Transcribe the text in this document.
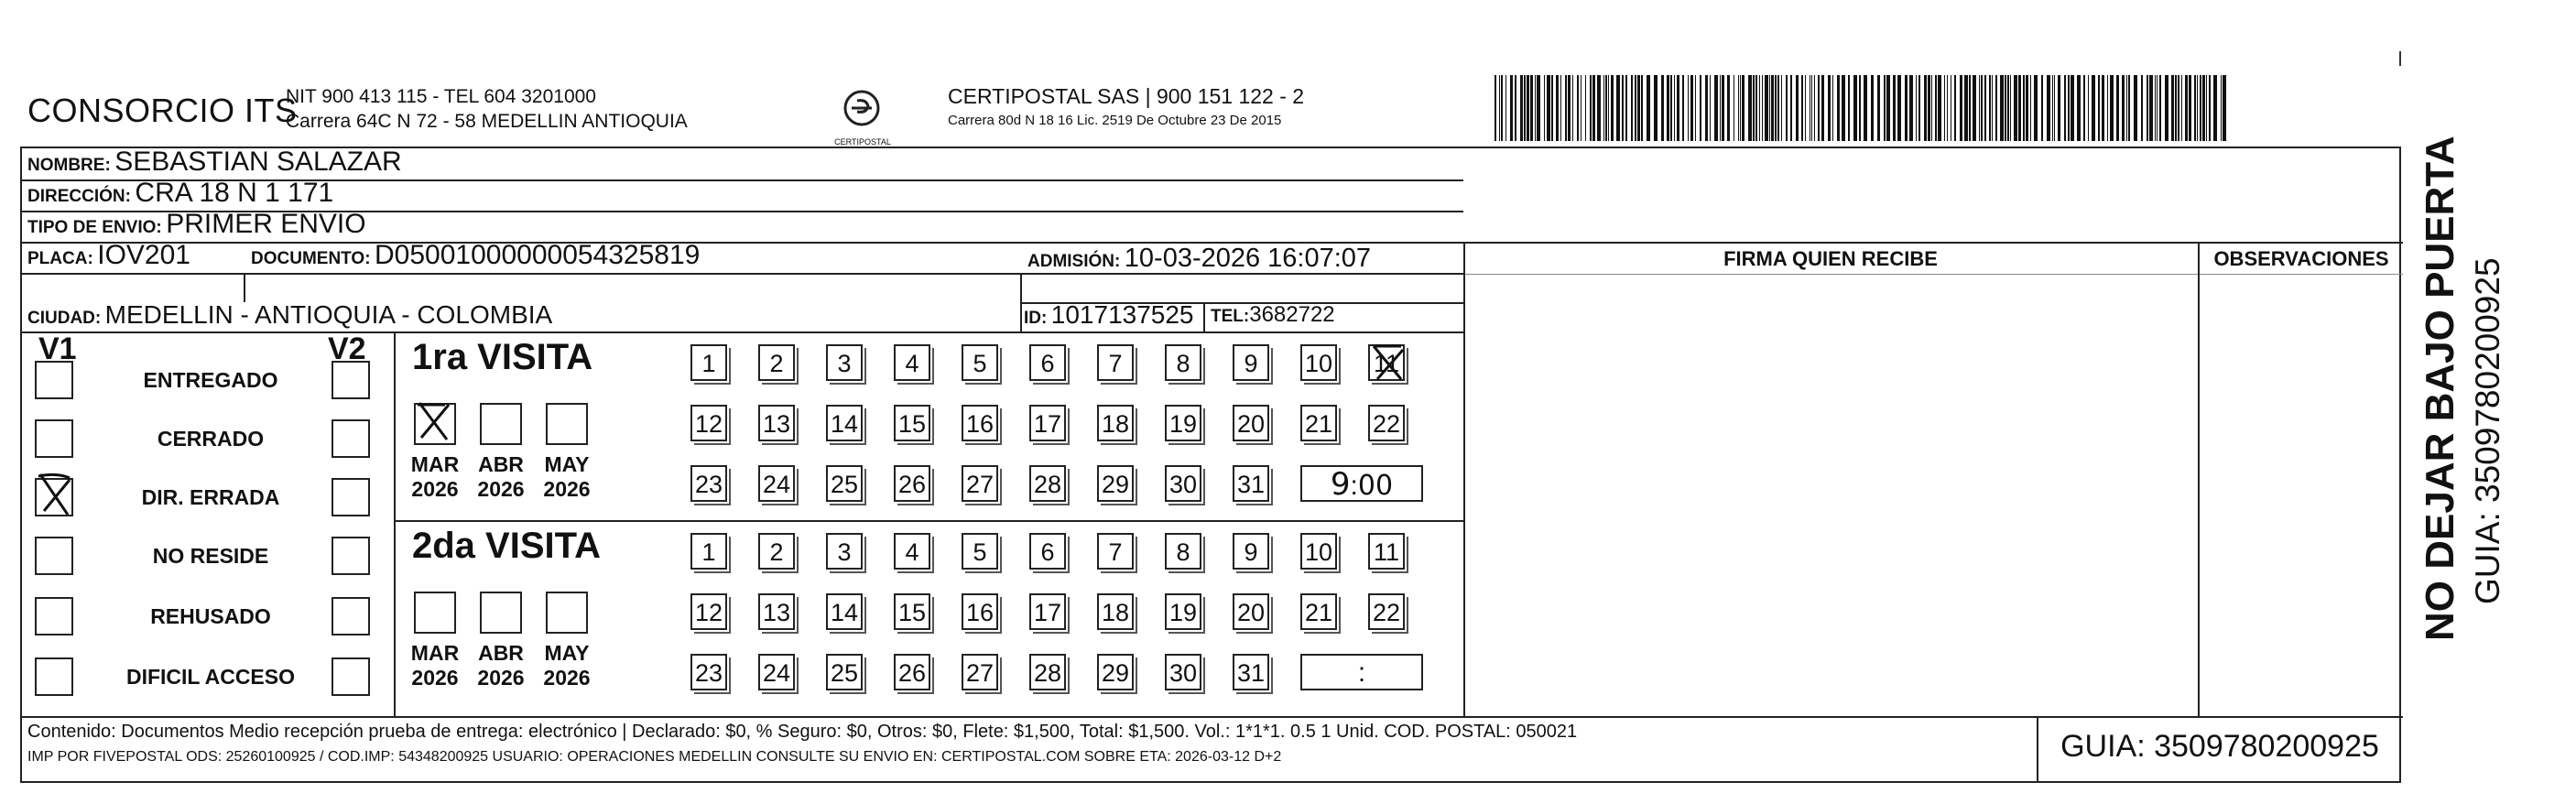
CONSORCIO ITS
NIT 900 413 115 - TEL 604 3201000
Carrera 64C N 72 - 58 MEDELLIN ANTIOQUIA
CERTIPOSTAL
CERTIPOSTAL SAS | 900 151 122 - 2
Carrera 80d N 18 16 Lic. 2519 De Octubre 23 De 2015
NOMBRE: SEBASTIAN SALAZAR
DIRECCIÓN: CRA 18 N 1 171
TIPO DE ENVIO: PRIMER ENVIO
PLACA: IOV201	DOCUMENTO: D05001000000054325819	ADMISIÓN: 10-03-2026 16:07:07
CIUDAD: MEDELLIN - ANTIOQUIA - COLOMBIA	ID: 1017137525 TEL:3682722
FIRMA QUIEN RECIBE	OBSERVACIONES
V1	V2
ENTREGADO
CERRADO
DIR. ERRADA
NO RESIDE
REHUSADO
DIFICIL ACCESO
1ra VISITA
MAR
2026
ABR
2026
MAY
2026
1	2	3	4	5	6	7	8	9	10 11
12 13 14 15 16 17 18 19 20 21 22
23 24 25 26 27 28 29 30 31	9:00
2da VISITA
MAR
2026
ABR
2026
MAY
2026
1	2	3	4	5	6	7	8	9	10 11
12 13 14 15 16 17 18 19 20 21 22
23 24 25 26 27 28 29 30 31	:
Contenido: Documentos Medio recepción prueba de entrega: electrónico | Declarado: $0, % Seguro: $0, Otros: $0, Flete: $1,500, Total: $1,500. Vol.: 1*1*1. 0.5 1 Unid. COD. POSTAL: 050021
IMP POR FIVEPOSTAL ODS: 25260100925 / COD.IMP: 54348200925 USUARIO: OPERACIONES MEDELLIN CONSULTE SU ENVIO EN: CERTIPOSTAL.COM SOBRE ETA: 2026-03-12 D+2	GUIA: 3509780200925
NO DEJAR BAJO PUERTA GUIA: 3509780200925
